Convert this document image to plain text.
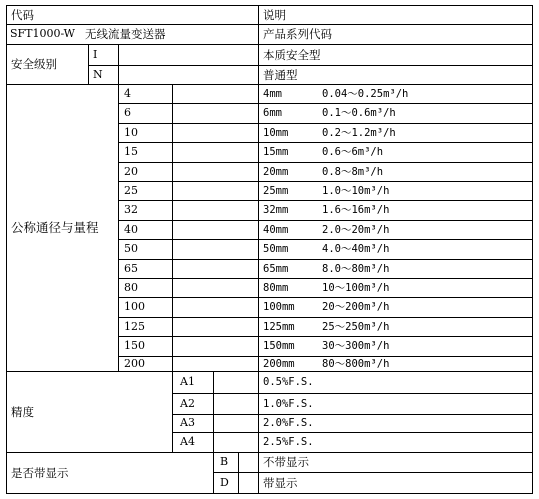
代码	说明
SFT1000-W 无线流量变送器	产品系列代码
安全级别
I	本质安全型
N	普通型
公称通径与量程
4	4mm	0.04～0.25m³/h
6	6mm	0.1～0.6m³/h
10	10mm	0.2～1.2m³/h
15	15mm	0.6～6m³/h
20	20mm	0.8～8m³/h
25	25mm	1.0～10m³/h
32	32mm	1.6～16m³/h
40	40mm	2.0～20m³/h
50	50mm	4.0～40m³/h
65	65mm	8.0～80m³/h
80	80mm	10～100m³/h
100	100mm	20～200m³/h
125	125mm	25～250m³/h
150	150mm	30～300m³/h
200	200mm	80～800m³/h
精度
A1	0.5%F.S.
A2	1.0%F.S.
A3	2.0%F.S.
A4	2.5%F.S.
是否带显示
B	不带显示
D	带显示
